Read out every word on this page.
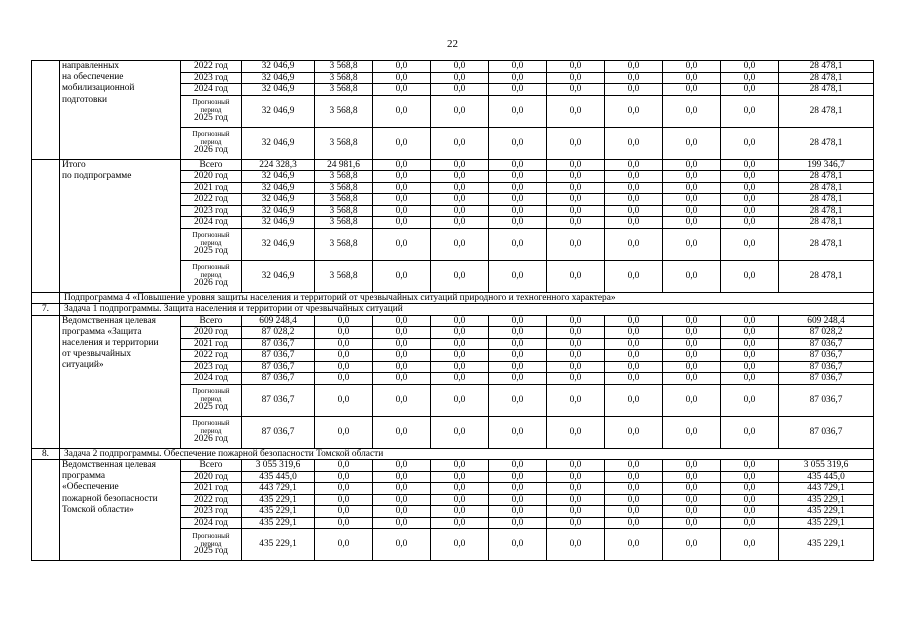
22
	направленных
на обеспечение
мобилизационной
подготовки	2022 год	32 046,9	3 568,8	0,0	0,0	0,0	0,0	0,0	0,0	0,0	28 478,1
		2023 год	32 046,9	3 568,8	0,0	0,0	0,0	0,0	0,0	0,0	0,0	28 478,1
		2024 год	32 046,9	3 568,8	0,0	0,0	0,0	0,0	0,0	0,0	0,0	28 478,1
		Прогнозный
период
2025 год	32 046,9	3 568,8	0,0	0,0	0,0	0,0	0,0	0,0	0,0	28 478,1
		Прогнозный
период
2026 год	32 046,9	3 568,8	0,0	0,0	0,0	0,0	0,0	0,0	0,0	28 478,1
	Итого
по подпрограмме	Всего	224 328,3	24 981,6	0,0	0,0	0,0	0,0	0,0	0,0	0,0	199 346,7
		2020 год	32 046,9	3 568,8	0,0	0,0	0,0	0,0	0,0	0,0	0,0	28 478,1
		2021 год	32 046,9	3 568,8	0,0	0,0	0,0	0,0	0,0	0,0	0,0	28 478,1
		2022 год	32 046,9	3 568,8	0,0	0,0	0,0	0,0	0,0	0,0	0,0	28 478,1
		2023 год	32 046,9	3 568,8	0,0	0,0	0,0	0,0	0,0	0,0	0,0	28 478,1
		2024 год	32 046,9	3 568,8	0,0	0,0	0,0	0,0	0,0	0,0	0,0	28 478,1
		Прогнозный
период
2025 год	32 046,9	3 568,8	0,0	0,0	0,0	0,0	0,0	0,0	0,0	28 478,1
		Прогнозный
период
2026 год	32 046,9	3 568,8	0,0	0,0	0,0	0,0	0,0	0,0	0,0	28 478,1
	Подпрограмма 4 «Повышение уровня защиты населения и территорий от чрезвычайных ситуаций природного и техногенного характера»											
7.	Задача 1 подпрограммы. Защита населения и территории от чрезвычайных ситуаций											
	Ведомственная целевая
программа «Защита
населения и территории
от чрезвычайных
ситуаций»	Всего	609 248,4	0,0	0,0	0,0	0,0	0,0	0,0	0,0	0,0	609 248,4
		2020 год	87 028,2	0,0	0,0	0,0	0,0	0,0	0,0	0,0	0,0	87 028,2
		2021 год	87 036,7	0,0	0,0	0,0	0,0	0,0	0,0	0,0	0,0	87 036,7
		2022 год	87 036,7	0,0	0,0	0,0	0,0	0,0	0,0	0,0	0,0	87 036,7
		2023 год	87 036,7	0,0	0,0	0,0	0,0	0,0	0,0	0,0	0,0	87 036,7
		2024 год	87 036,7	0,0	0,0	0,0	0,0	0,0	0,0	0,0	0,0	87 036,7
		Прогнозный
период
2025 год	87 036,7	0,0	0,0	0,0	0,0	0,0	0,0	0,0	0,0	87 036,7
		Прогнозный
период
2026 год	87 036,7	0,0	0,0	0,0	0,0	0,0	0,0	0,0	0,0	87 036,7
8.	Задача 2 подпрограммы. Обеспечение пожарной безопасности Томской области											
	Ведомственная целевая
программа
«Обеспечение
пожарной безопасности
Томской области»	Всего	3 055 319,6	0,0	0,0	0,0	0,0	0,0	0,0	0,0	0,0	3 055 319,6
		2020 год	435 445,0	0,0	0,0	0,0	0,0	0,0	0,0	0,0	0,0	435 445,0
		2021 год	443 729,1	0,0	0,0	0,0	0,0	0,0	0,0	0,0	0,0	443 729,1
		2022 год	435 229,1	0,0	0,0	0,0	0,0	0,0	0,0	0,0	0,0	435 229,1
		2023 год	435 229,1	0,0	0,0	0,0	0,0	0,0	0,0	0,0	0,0	435 229,1
		2024 год	435 229,1	0,0	0,0	0,0	0,0	0,0	0,0	0,0	0,0	435 229,1
		Прогнозный
период
2025 год	435 229,1	0,0	0,0	0,0	0,0	0,0	0,0	0,0	0,0	435 229,1
